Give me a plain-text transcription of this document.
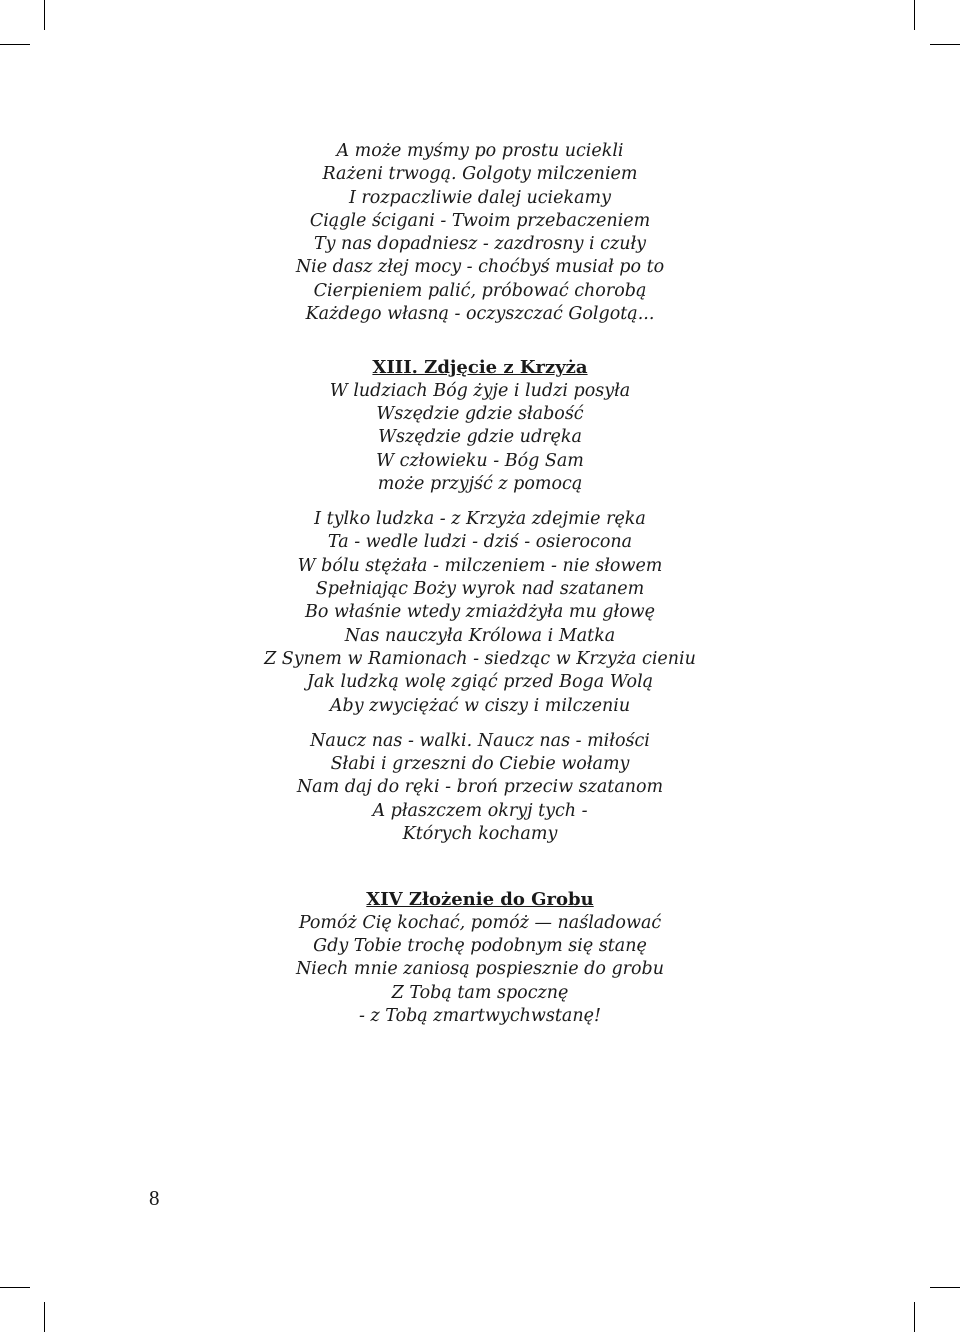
A może myśmy po prostu uciekli
Rażeni trwogą. Golgoty milczeniem
I rozpaczliwie dalej uciekamy
Ciągle ścigani - Twoim przebaczeniem
Ty nas dopadniesz - zazdrosny i czuły
Nie dasz złej mocy - choćbyś musiał po to
Cierpieniem palić, próbować chorobą
Każdego własną - oczyszczać Golgotą...
XIII. Zdjęcie z Krzyża
W ludziach Bóg żyje i ludzi posyła
Wszędzie gdzie słabość
Wszędzie gdzie udręka
W człowieku - Bóg Sam
może przyjść z pomocą
I tylko ludzka - z Krzyża zdejmie ręka
Ta - wedle ludzi - dziś - osierocona
W bólu stężała - milczeniem - nie słowem
Spełniając Boży wyrok nad szatanem
Bo właśnie wtedy zmiażdżyła mu głowę
Nas nauczyła Królowa i Matka
Z Synem w Ramionach - siedząc w Krzyża cieniu
Jak ludzką wolę zgiąć przed Boga Wolą
Aby zwyciężać w ciszy i milczeniu
Naucz nas - walki. Naucz nas - miłości
Słabi i grzeszni do Ciebie wołamy
Nam daj do ręki - broń przeciw szatanom
A płaszczem okryj tych -
Których kochamy
XIV Złożenie do Grobu
Pomóż Cię kochać, pomóż — naśladować
Gdy Tobie trochę podobnym się stanę
Niech mnie zaniosą pospiesznie do grobu
Z Tobą tam spocznę
- z Tobą zmartwychwstanę!
8
